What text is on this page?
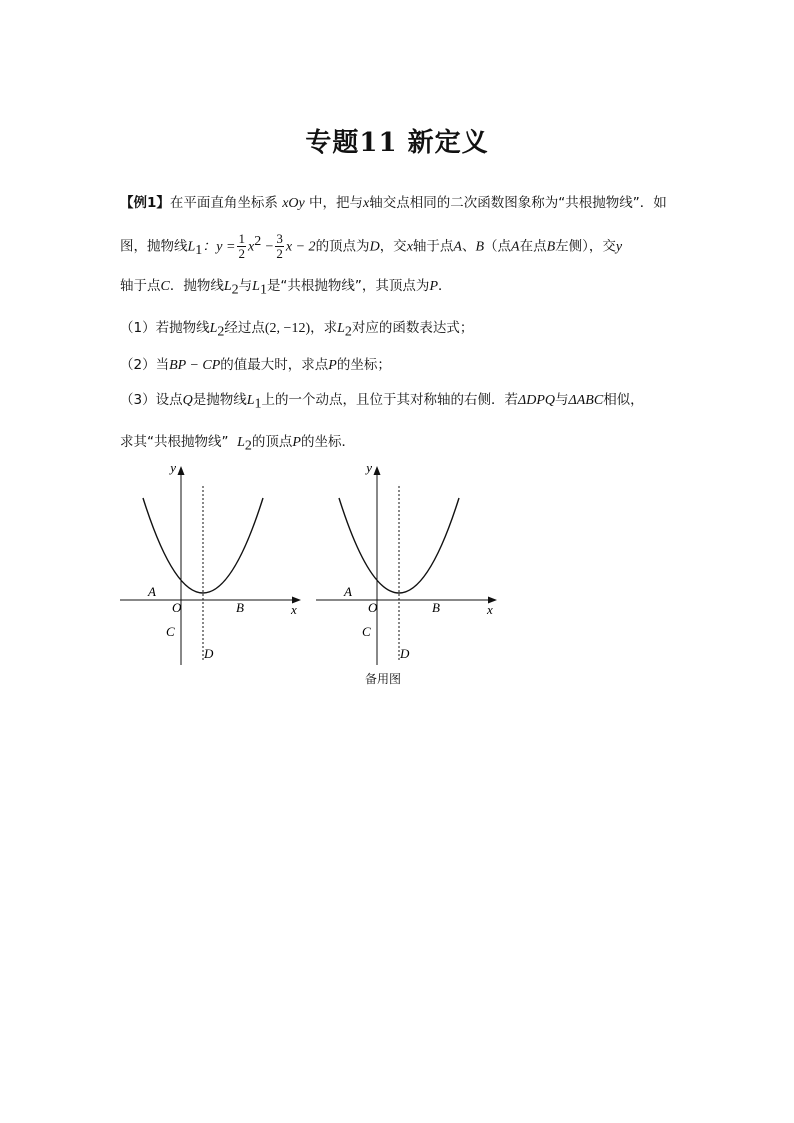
专题11 新定义
【例1】在平面直角坐标系 xOy 中，把与x轴交点相同的二次函数图象称为“共根抛物线”．如
图，抛物线$L_1$：$y = \frac{1}{2} x^2 - \frac{3}{2}$ x − 2的顶点为D，交x轴于点A、B（点A在点B左侧），交y
轴于点C．抛物线$L_2$与$L_1$是“共根抛物线”，其顶点为P．
（1）若抛物线$L_2$经过点(2, −12)，求$L_2$对应的函数表达式；
（2）当BP − CP的值最大时，求点P的坐标；
（3）设点Q是抛物线$L_1$上的一个动点，且位于其对称轴的右侧．若ΔDPQ与ΔABC相似，
求其“共根抛物线” $L_2$的顶点P的坐标．
y
x
O
A
B
C
D
y
x
O
A
B
C
D
备用图
